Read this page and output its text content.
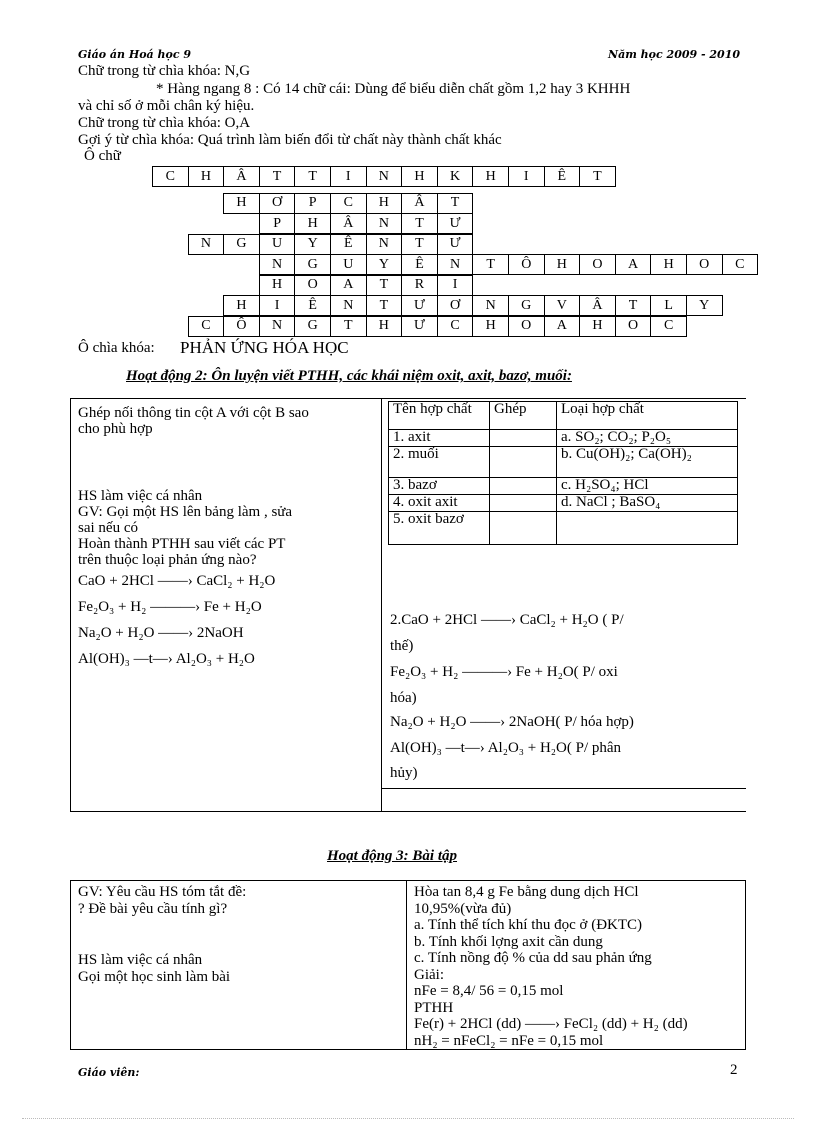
Giáo án Hoá học 9	Năm học 2009 - 2010
Chữ trong từ chìa khóa: N,G
* Hàng ngang 8 : Có 14 chữ cái: Dùng để biểu diễn chất gồm 1,2 hay 3 KHHH
và chỉ số ở mỗi chân ký hiệu.
Chữ trong từ chìa khóa: O,A
Gợi ý từ chìa khóa: Quá trình làm biến đổi từ chất này thành chất khác
Ô chữ
C	H	Â	T	T	I	N	H	K	H	I	Ê	T
H	Ơ	P	C	H	Â	T
P	H	Â	N	T	Ư
N	G	U	Y	Ê	N	T	Ư
N	G	U	Y	Ê	N	T	Ô	H	O	A	H	O	C
H	O	A	T	R	I
H	I	Ê	N	T	Ư	Ơ	N	G	V	Â	T	L	Y
C	Ô	N	G	T	H	Ư	C	H	O	A	H	O	C
Ô chìa khóa: PHẢN ỨNG HÓA HỌC
Hoạt động 2: Ôn luyện viết PTHH, các khái niệm oxit, axit, bazơ, muối:
Ghép nối thông tin cột A với cột B sao
cho phù hợp
HS làm việc cá nhân
GV: Gọi một HS lên bảng làm , sửa
sai nếu có
Hoàn thành PTHH sau viết các PT
trên thuộc loại phản ứng nào?
CaO + 2HCl ——› CaCl₂ + H₂O
Fe₂O₃ + H₂ ———› Fe + H₂O
Na₂O + H₂O ——› 2NaOH
Al(OH)₃ —t—› Al₂O₃ + H₂O
Tên hợp chất	Ghép	Loại hợp chất
1. axit		a. SO₂; CO₂; P₂O₅
2. muối		b. Cu(OH)₂; Ca(OH)₂
3. bazơ		c. H₂SO₄; HCl
4. oxit axit		d. NaCl ; BaSO₄
5. oxit bazơ		
2.CaO + 2HCl ——› CaCl₂ + H₂O ( P/
thế)
Fe₂O₃ + H₂ ———› Fe + H₂O( P/ oxi
hóa)
Na₂O + H₂O ——› 2NaOH( P/ hóa hợp)
Al(OH)₃ —t—› Al₂O₃ + H₂O( P/ phân
hủy)
Hoạt động 3: Bài tập
GV: Yêu cầu HS tóm tắt đề:
? Đề bài yêu cầu tính gì?
HS làm việc cá nhân
Gọi một học sinh làm bài
Hòa tan 8,4 g Fe bằng dung dịch HCl
10,95%(vừa đủ)
a. Tính thể tích khí thu đọc ở (ĐKTC)
b. Tính khối lợng axit cần dung
c. Tính nồng độ % của dd sau phản ứng
Giải:
nFe = 8,4/ 56 = 0,15 mol
PTHH
Fe(r) + 2HCl (dd) ——› FeCl₂ (dd) + H₂ (dd)
nH₂ = nFeCl₂ = nFe = 0,15 mol
Giáo viên:	2
